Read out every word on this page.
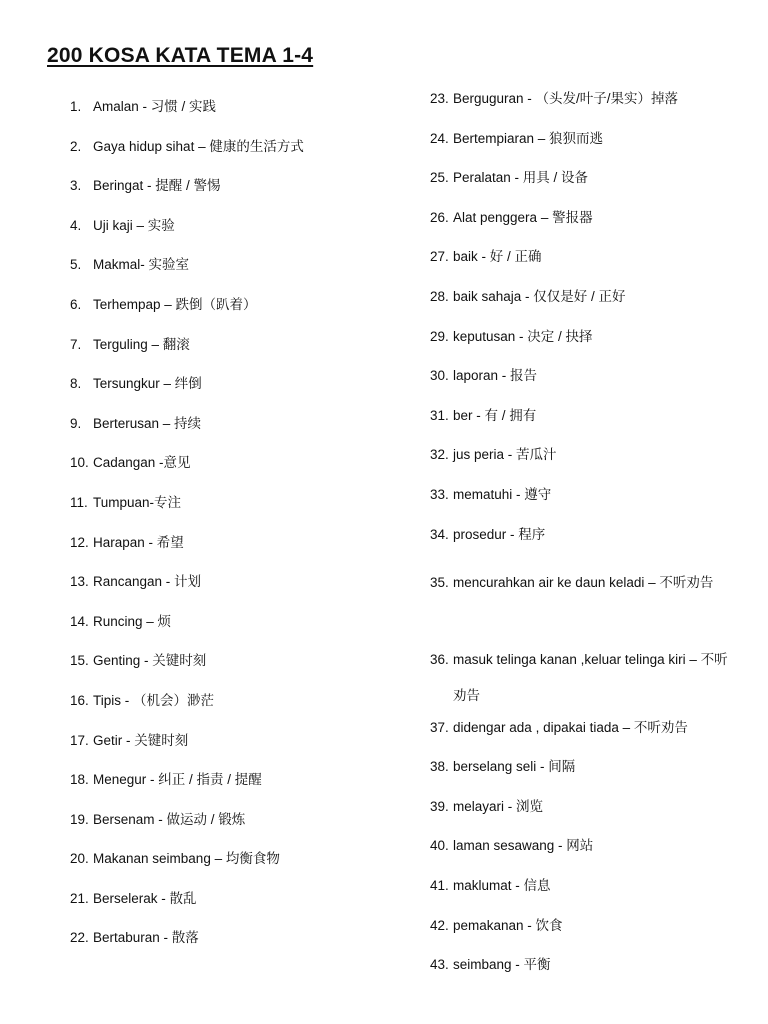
200 KOSA KATA TEMA 1-4
1. Amalan - 习惯 / 实践
2. Gaya hidup sihat – 健康的生活方式
3. Beringat - 提醒 / 警惕
4. Uji kaji – 实验
5. Makmal- 实验室
6. Terhempap – 跌倒（趴着）
7. Terguling – 翻滚
8. Tersungkur – 绊倒
9. Berterusan – 持续
10. Cadangan -意见
11. Tumpuan-专注
12. Harapan - 希望
13. Rancangan - 计划
14. Runcing – 烦
15. Genting - 关键时刻
16. Tipis - （机会）渺茫
17. Getir - 关键时刻
18. Menegur - 纠正 / 指责 / 提醒
19. Bersenam - 做运动 / 锻炼
20. Makanan seimbang – 均衡食物
21. Berselerak - 散乱
22. Bertaburan - 散落
23. Berguguran - （头发/叶子/果实）掉落
24. Bertempiaran – 狼狈而逃
25. Peralatan - 用具 / 设备
26. Alat penggera – 警报器
27. baik - 好 / 正确
28. baik sahaja - 仅仅是好 / 正好
29. keputusan - 决定 / 抉择
30. laporan - 报告
31. ber - 有 / 拥有
32. jus peria - 苦瓜汁
33. mematuhi - 遵守
34. prosedur - 程序
35. mencurahkan air ke daun keladi – 不听劝告
36. masuk telinga kanan ,keluar telinga kiri – 不听劝告
37. didengar ada , dipakai tiada – 不听劝告
38. berselang seli - 间隔
39. melayari - 浏览
40. laman sesawang - 网站
41. maklumat - 信息
42. pemakanan - 饮食
43. seimbang - 平衡
